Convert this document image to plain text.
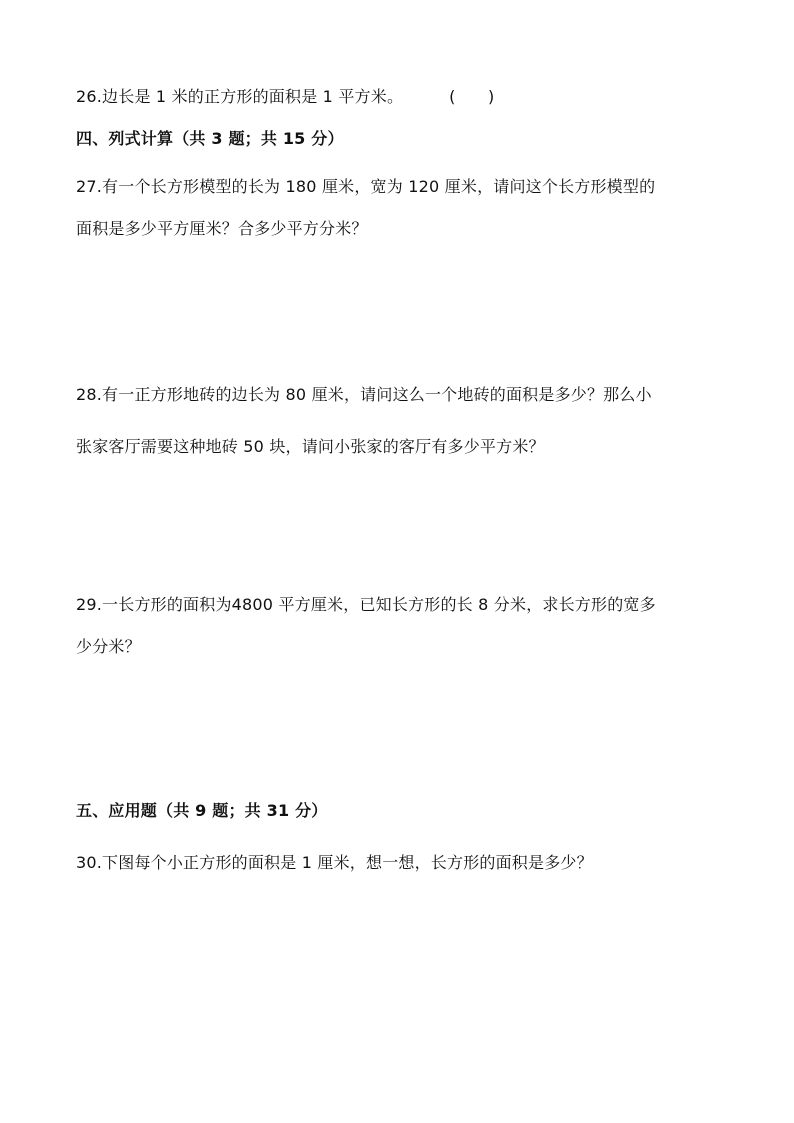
26.边长是 1 米的正方形的面积是 1 平方米。	(　　)
四、列式计算（共 3 题；共 15 分）
27.有一个长方形模型的长为 180 厘米，宽为 120 厘米，请问这个长方形模型的
面积是多少平方厘米？合多少平方分米？
28.有一正方形地砖的边长为 80 厘米，请问这么一个地砖的面积是多少？那么小
张家客厅需要这种地砖 50 块，请问小张家的客厅有多少平方米？
29.一长方形的面积为4800 平方厘米，已知长方形的长 8 分米，求长方形的宽多
少分米？
五、应用题（共 9 题；共 31 分）
30.下图每个小正方形的面积是 1 厘米，想一想，长方形的面积是多少？
